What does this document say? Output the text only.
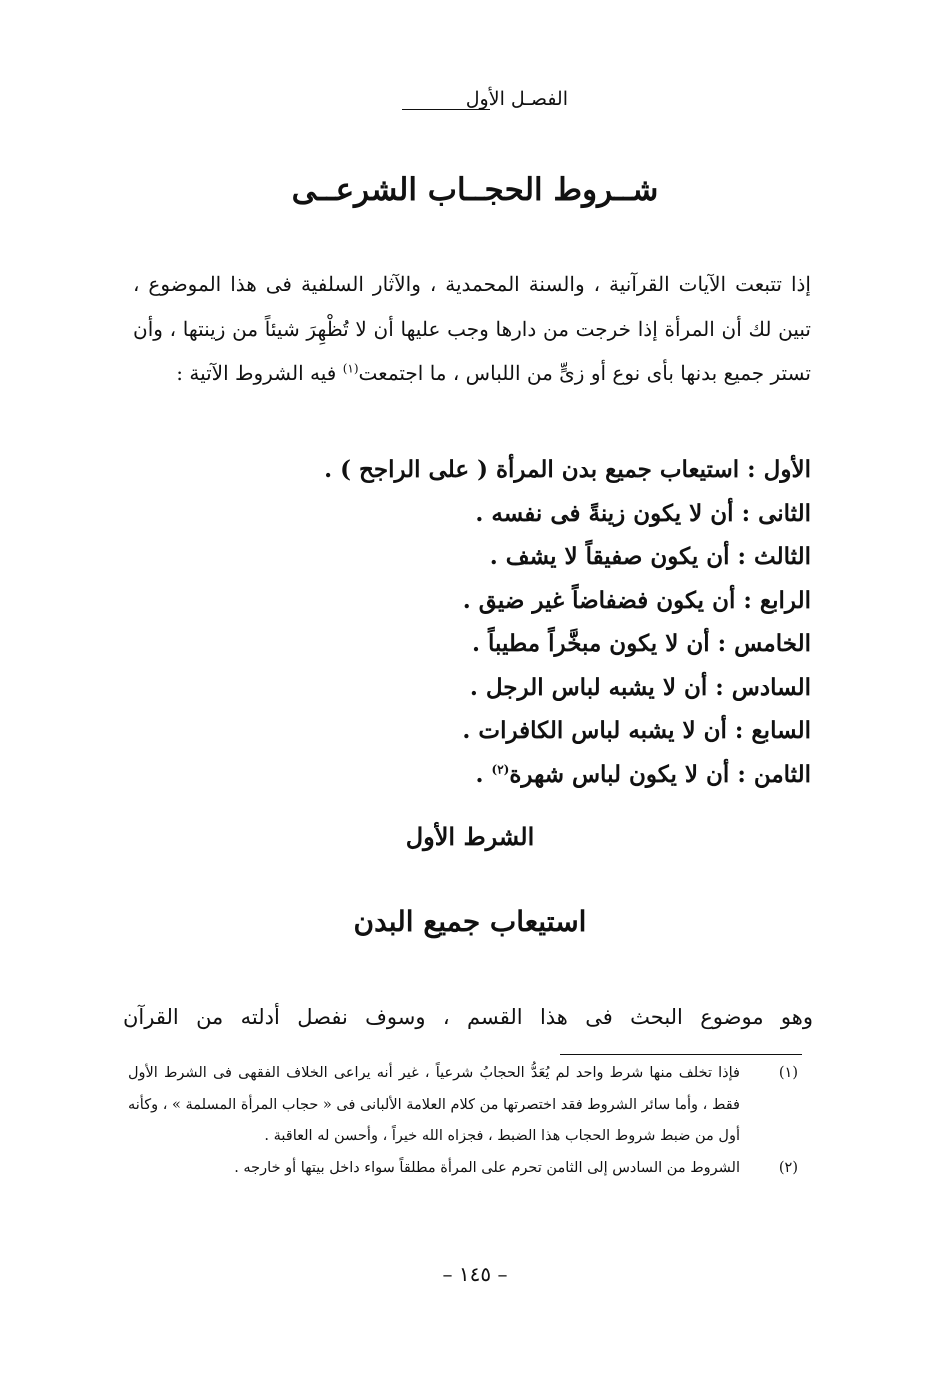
الفصـل الأول
شــروط الحجــاب الشرعــى

إذا تتبعت الآيات القرآنية ، والسنة المحمدية ، والآثار السلفية فى هذا الموضوع ، تبين لك أن المرأة إذا خرجت من دارها وجب عليها أن لا تُظْهِرَ شيئاً من زينتها ، وأن تستر جميع بدنها بأى نوع أو زىٍّ من اللباس ، ما اجتمعت$^{(١)}$ فيه الشروط الآتية :

الأول : استيعاب جميع بدن المرأة ( على الراجح ) .
الثانى : أن لا يكون زينةً فى نفسه .
الثالث : أن يكون صفيقاً لا يشف .
الرابع : أن يكون فضفاضاً غير ضيق .
الخامس : أن لا يكون مبخَّراً مطيباً .
السادس : أن لا يشبه لباس الرجل .
السابع : أن لا يشبه لباس الكافرات .
الثامن : أن لا يكون لباس شهرة$^{(٢)}$ .
الشرط الأول
استيعاب جميع البدن
وهو موضوع البحث فى هذا القسم ، وسوف نفصل أدلته من القرآن

(١)
فإذا تخلف منها شرط واحد لم يُعَدُّ الحجابُ شرعياً ، غير أنه يراعى الخلاف الفقهى فى الشرط الأول فقط ، وأما سائر الشروط فقد اختصرتها من كلام العلامة الألبانى فى « حجاب المرأة المسلمة » ، وكأنه أول من ضبط شروط الحجاب هذا الضبط ، فجزاه الله خيراً ، وأحسن له العاقبة .

(٢)
الشروط من السادس إلى الثامن تحرم على المرأة مطلقاً سواء داخل بيتها أو خارجه .

– ١٤٥ –
